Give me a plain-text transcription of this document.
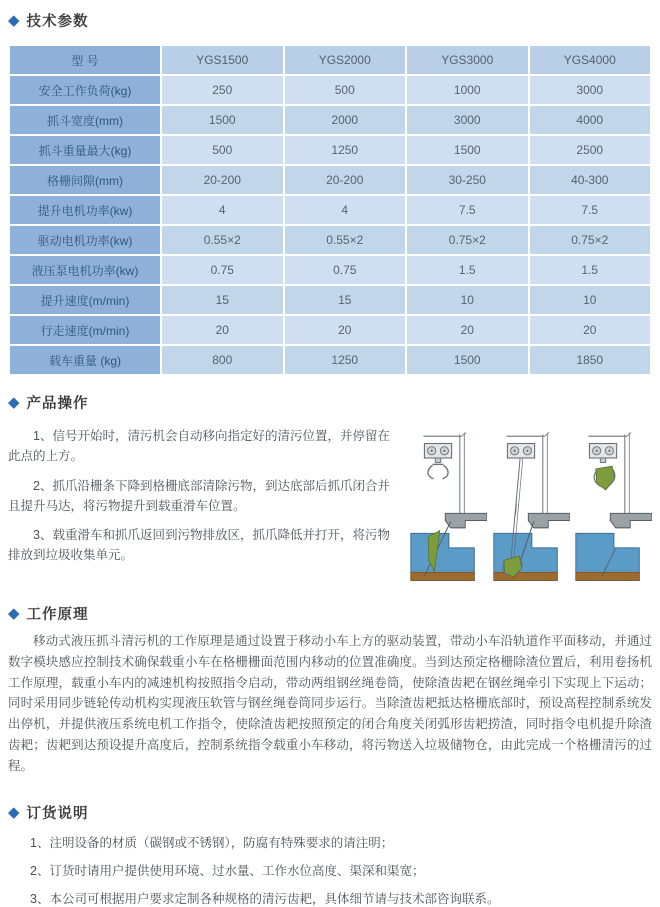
◆ 技术参数
型 号	YGS1500	YGS2000	YGS3000	YGS4000
安全工作负荷(kg)	250	500	1000	3000
抓斗宽度(mm)	1500	2000	3000	4000
抓斗重量最大(kg)	500	1250	1500	2500
格栅间隙(mm)	20-200	20-200	30-250	40-300
提升电机功率(kw)	4	4	7.5	7.5
驱动电机功率(kw)	0.55×2	0.55×2	0.75×2	0.75×2
液压泵电机功率(kw)	0.75	0.75	1.5	1.5
提升速度(m/min)	15	15	10	10
行走速度(m/min)	20	20	20	20
载车重量 (kg)	800	1250	1500	1850
◆ 产品操作

1、信号开始时，清污机会自动移向指定好的清污位置，并停留在此点的上方。

2、抓爪沿栅条下降到格栅底部清除污物，到达底部后抓爪闭合并且提升马达，将污物提升到载重滑车位置。

3、载重滑车和抓爪返回到污物排放区，抓爪降低并打开，将污物排放到垃圾收集单元。

◆ 工作原理

移动式液压抓斗清污机的工作原理是通过设置于移动小车上方的驱动装置，带动小车沿轨道作平面移动，并通过数字模块感应控制技术确保载重小车在格栅栅面范围内移动的位置准确度。当到达预定格栅除渣位置后，利用卷扬机工作原理，载重小车内的减速机构按照指令启动，带动两组钢丝绳卷筒，使除渣齿耙在钢丝绳牵引下实现上下运动；同时采用同步链轮传动机构实现液压软管与钢丝绳卷筒同步运行。当除渣齿耙抵达格栅底部时，预设高程控制系统发出停机，并提供液压系统电机工作指令，使除渣齿耙按照预定的闭合角度关闭弧形齿耙捞渣，同时指令电机提升除渣齿耙；齿耙到达预设提升高度后，控制系统指令载重小车移动，将污物送入垃圾储物仓，由此完成一个格栅清污的过程。

◆ 订货说明
1、注明设备的材质（碳钢或不锈钢），防腐有特殊要求的请注明；
2、订货时请用户提供使用环境、过水量、工作水位高度、渠深和渠宽；
3、本公司可根据用户要求定制各种规格的清污齿耙，具体细节请与技术部咨询联系。
